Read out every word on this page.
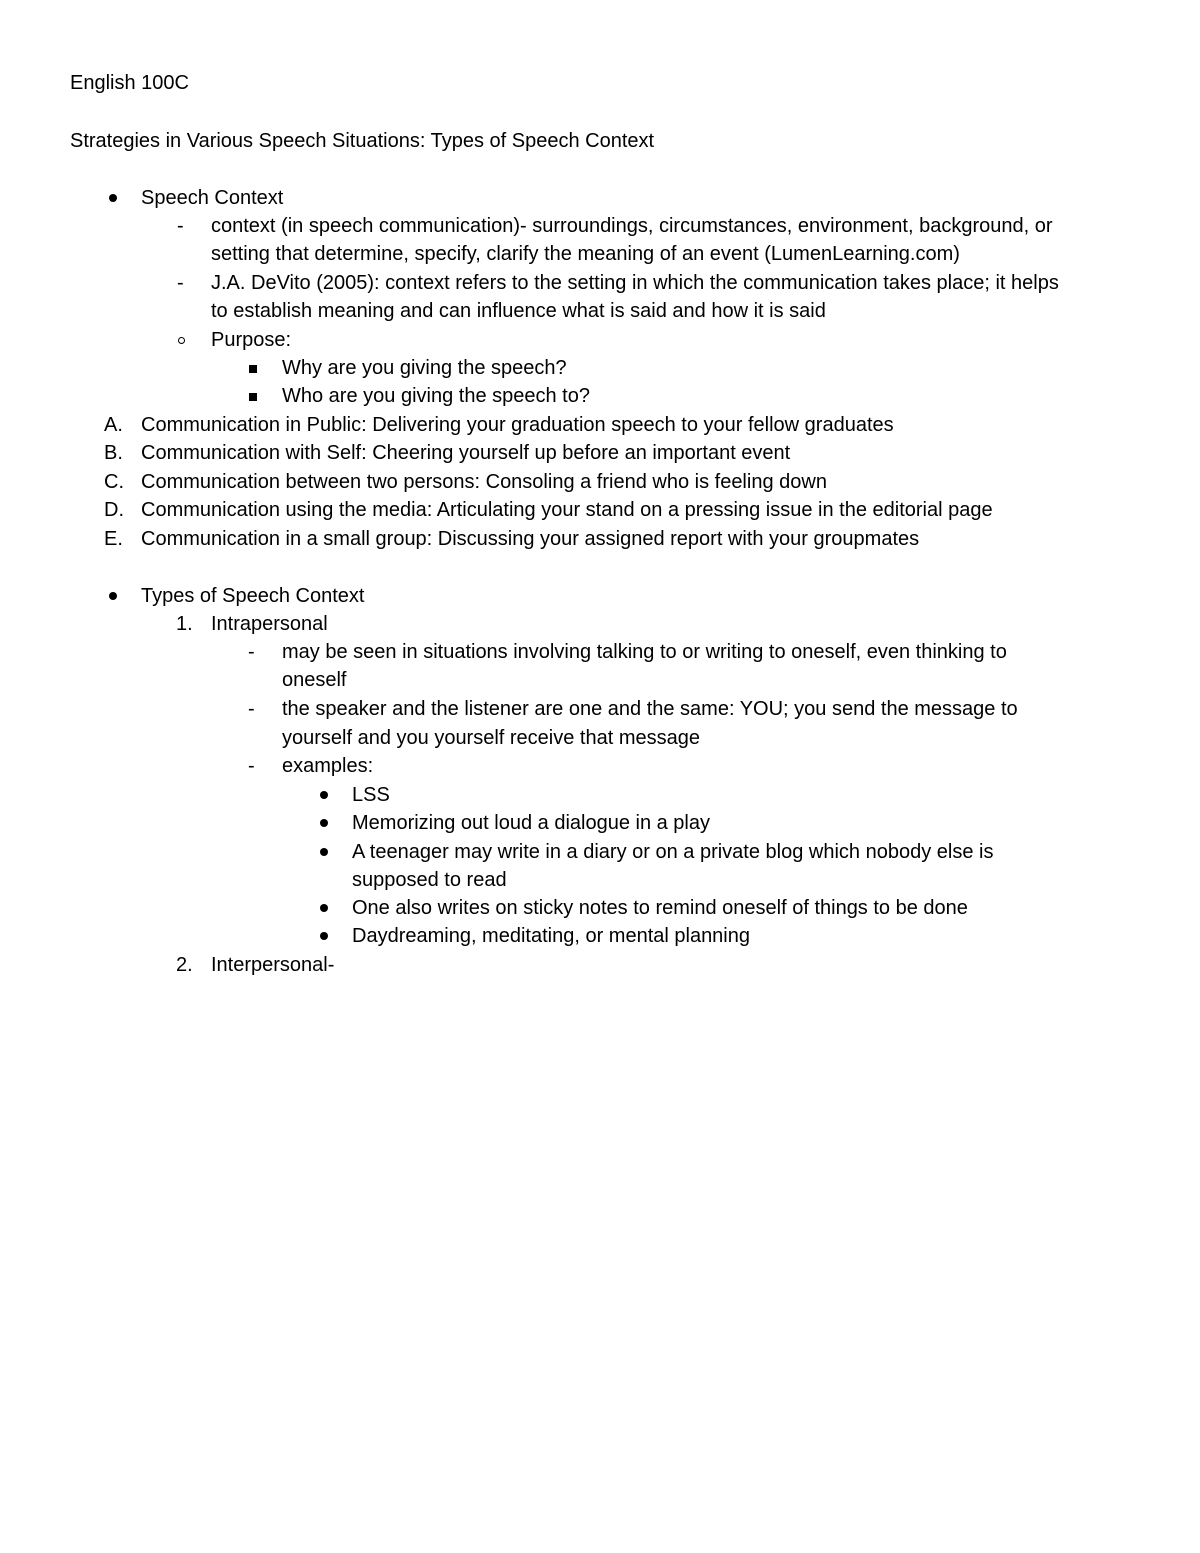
English 100C
Strategies in Various Speech Situations: Types of Speech Context
Speech Context
- context (in speech communication)- surroundings, circumstances, environment, background, or
setting that determine, specify, clarify the meaning of an event (LumenLearning.com)
- J.A. DeVito (2005): context refers to the setting in which the communication takes place; it helps
to establish meaning and can influence what is said and how it is said
Purpose:
Why are you giving the speech?
Who are you giving the speech to?
A. Communication in Public: Delivering your graduation speech to your fellow graduates
B. Communication with Self: Cheering yourself up before an important event
C. Communication between two persons: Consoling a friend who is feeling down
D. Communication using the media: Articulating your stand on a pressing issue in the editorial page
E. Communication in a small group: Discussing your assigned report with your groupmates
Types of Speech Context
1. Intrapersonal
- may be seen in situations involving talking to or writing to oneself, even thinking to
oneself
- the speaker and the listener are one and the same: YOU; you send the message to
yourself and you yourself receive that message
- examples:
LSS
Memorizing out loud a dialogue in a play
A teenager may write in a diary or on a private blog which nobody else is
supposed to read
One also writes on sticky notes to remind oneself of things to be done
Daydreaming, meditating, or mental planning
2. Interpersonal-
